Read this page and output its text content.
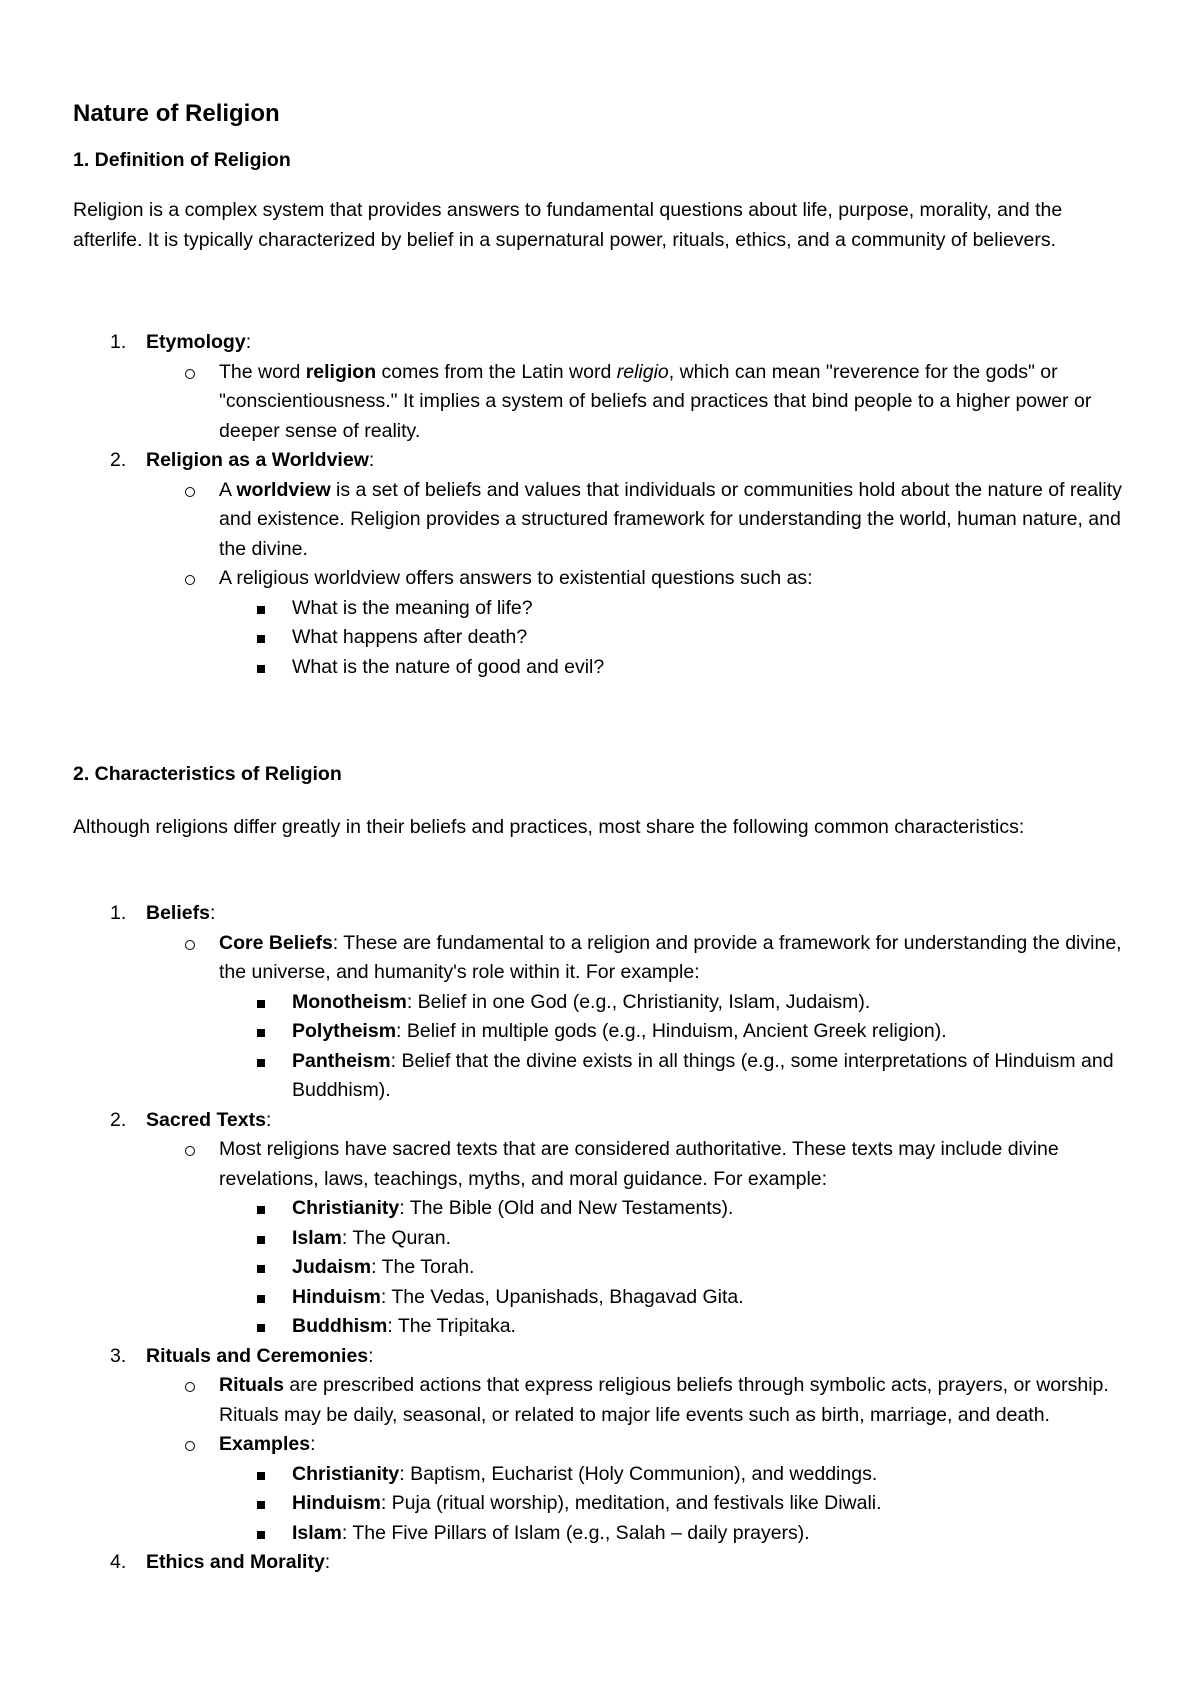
Nature of Religion
1. Definition of Religion

Religion is a complex system that provides answers to fundamental questions about life, purpose, morality, and the afterlife. It is typically characterized by belief in a supernatural power, rituals, ethics, and a community of believers.

1.	Etymology:
The word religion comes from the Latin word religio, which can mean "reverence for the gods" or "conscientiousness." It implies a system of beliefs and practices that bind people to a higher power or deeper sense of reality.
2.	Religion as a Worldview:
A worldview is a set of beliefs and values that individuals or communities hold about the nature of reality and existence. Religion provides a structured framework for understanding the world, human nature, and the divine.
A religious worldview offers answers to existential questions such as:
What is the meaning of life?
What happens after death?
What is the nature of good and evil?
2. Characteristics of Religion

Although religions differ greatly in their beliefs and practices, most share the following common characteristics:

1.	Beliefs:
Core Beliefs: These are fundamental to a religion and provide a framework for understanding the divine, the universe, and humanity's role within it. For example:
Monotheism: Belief in one God (e.g., Christianity, Islam, Judaism).
Polytheism: Belief in multiple gods (e.g., Hinduism, Ancient Greek religion).
Pantheism: Belief that the divine exists in all things (e.g., some interpretations of Hinduism and Buddhism).
2.	Sacred Texts:
Most religions have sacred texts that are considered authoritative. These texts may include divine revelations, laws, teachings, myths, and moral guidance. For example:
Christianity: The Bible (Old and New Testaments).
Islam: The Quran.
Judaism: The Torah.
Hinduism: The Vedas, Upanishads, Bhagavad Gita.
Buddhism: The Tripitaka.
3.	Rituals and Ceremonies:
Rituals are prescribed actions that express religious beliefs through symbolic acts, prayers, or worship. Rituals may be daily, seasonal, or related to major life events such as birth, marriage, and death.
Examples:
Christianity: Baptism, Eucharist (Holy Communion), and weddings.
Hinduism: Puja (ritual worship), meditation, and festivals like Diwali.
Islam: The Five Pillars of Islam (e.g., Salah – daily prayers).
4.	Ethics and Morality:
